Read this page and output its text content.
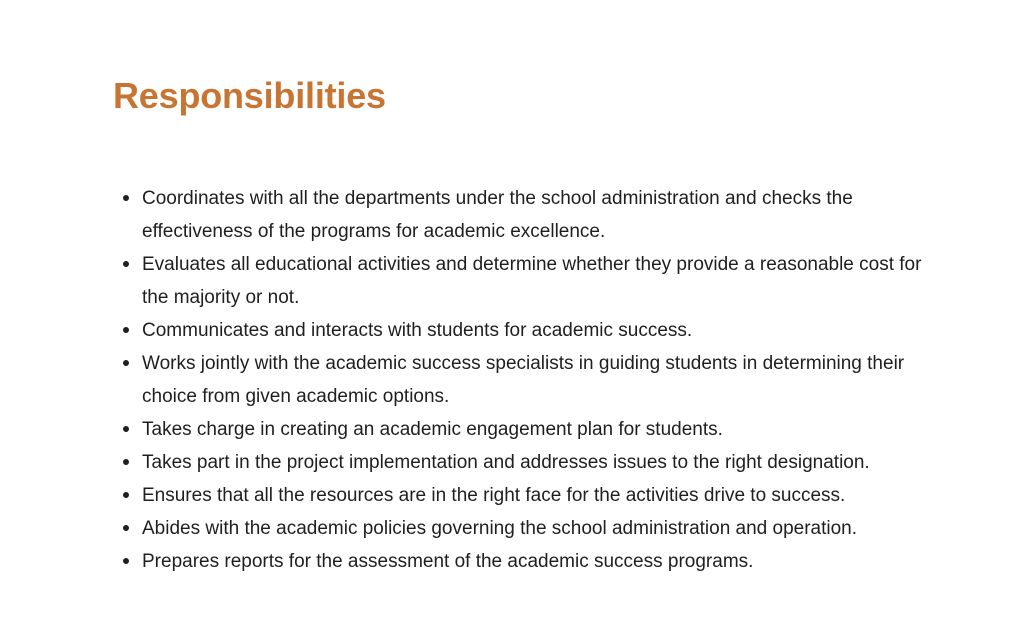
Responsibilities
Coordinates with all the departments under the school administration and checks the effectiveness of the programs for academic excellence.
Evaluates all educational activities and determine whether they provide a reasonable cost for the majority or not.
Communicates and interacts with students for academic success.
Works jointly with the academic success specialists in guiding students in determining their choice from given academic options.
Takes charge in creating an academic engagement plan for students.
Takes part in the project implementation and addresses issues to the right designation.
Ensures that all the resources are in the right face for the activities drive to success.
Abides with the academic policies governing the school administration and operation.
Prepares reports for the assessment of the academic success programs.
